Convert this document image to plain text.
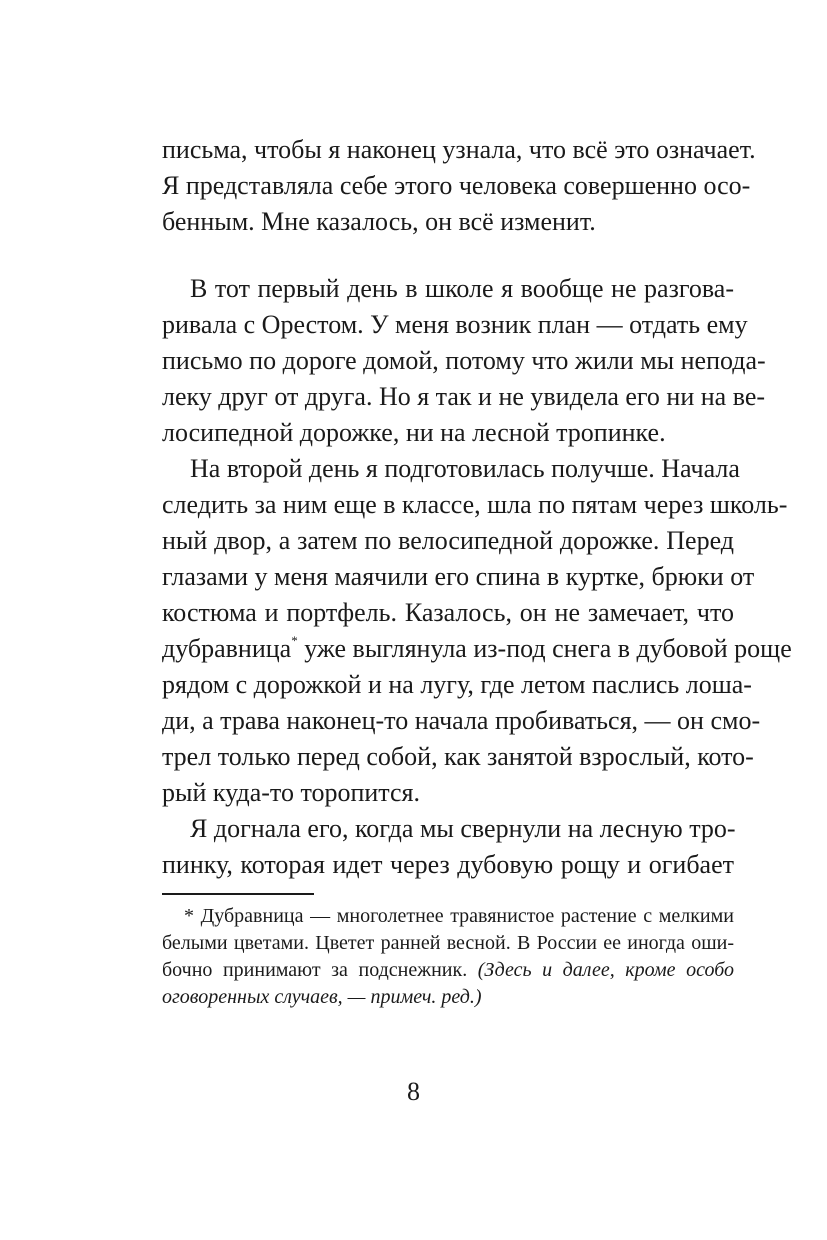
письма, чтобы я наконец узнала, что всё это означает.
Я представляла себе этого человека совершенно осо-
бенным. Мне казалось, он всё изменит.
В тот первый день в школе я вообще не разгова-
ривала с Орестом. У меня возник план — отдать ему
письмо по дороге домой, потому что жили мы непода-
леку друг от друга. Но я так и не увидела его ни на ве-
лосипедной дорожке, ни на лесной тропинке.
На второй день я подготовилась получше. Начала
следить за ним еще в классе, шла по пятам через школь-
ный двор, а затем по велосипедной дорожке. Перед
глазами у меня маячили его спина в куртке, брюки от
костюма и портфель. Казалось, он не замечает, что
дубравница* уже выглянула из-под снега в дубовой роще
рядом с дорожкой и на лугу, где летом паслись лоша-
ди, а трава наконец-то начала пробиваться, — он смо-
трел только перед собой, как занятой взрослый, кото-
рый куда-то торопится.
Я догнала его, когда мы свернули на лесную тро-
пинку, которая идет через дубовую рощу и огибает
* Дубравница — многолетнее травянистое растение с мелкими
белыми цветами. Цветет ранней весной. В России ее иногда оши-
бочно принимают за подснежник. (Здесь и далее, кроме особо
оговоренных случаев, — примеч. ред.)
8
